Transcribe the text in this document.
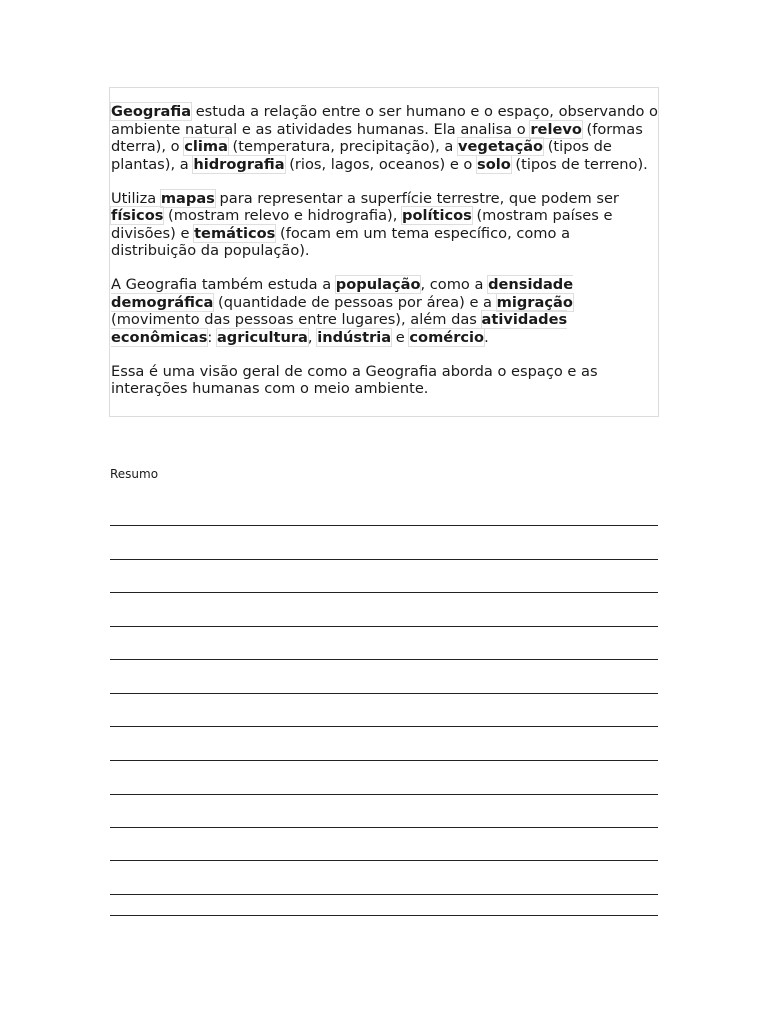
Geografia estuda a relação entre o ser humano e o espaço, observando o ambiente natural e as atividades humanas. Ela analisa o relevo (formas dterra), o clima (temperatura, precipitação), a vegetação (tipos de plantas), a hidrografia (rios, lagos, oceanos) e o solo (tipos de terreno).

Utiliza mapas para representar a superfície terrestre, que podem ser físicos (mostram relevo e hidrografia), políticos (mostram países e divisões) e temáticos (focam em um tema específico, como a distribuição da população).

A Geografia também estuda a população, como a densidade demográfica (quantidade de pessoas por área) e a migração (movimento das pessoas entre lugares), além das atividades econômicas: agricultura, indústria e comércio.

Essa é uma visão geral de como a Geografia aborda o espaço e as interações humanas com o meio ambiente.

Resumo
